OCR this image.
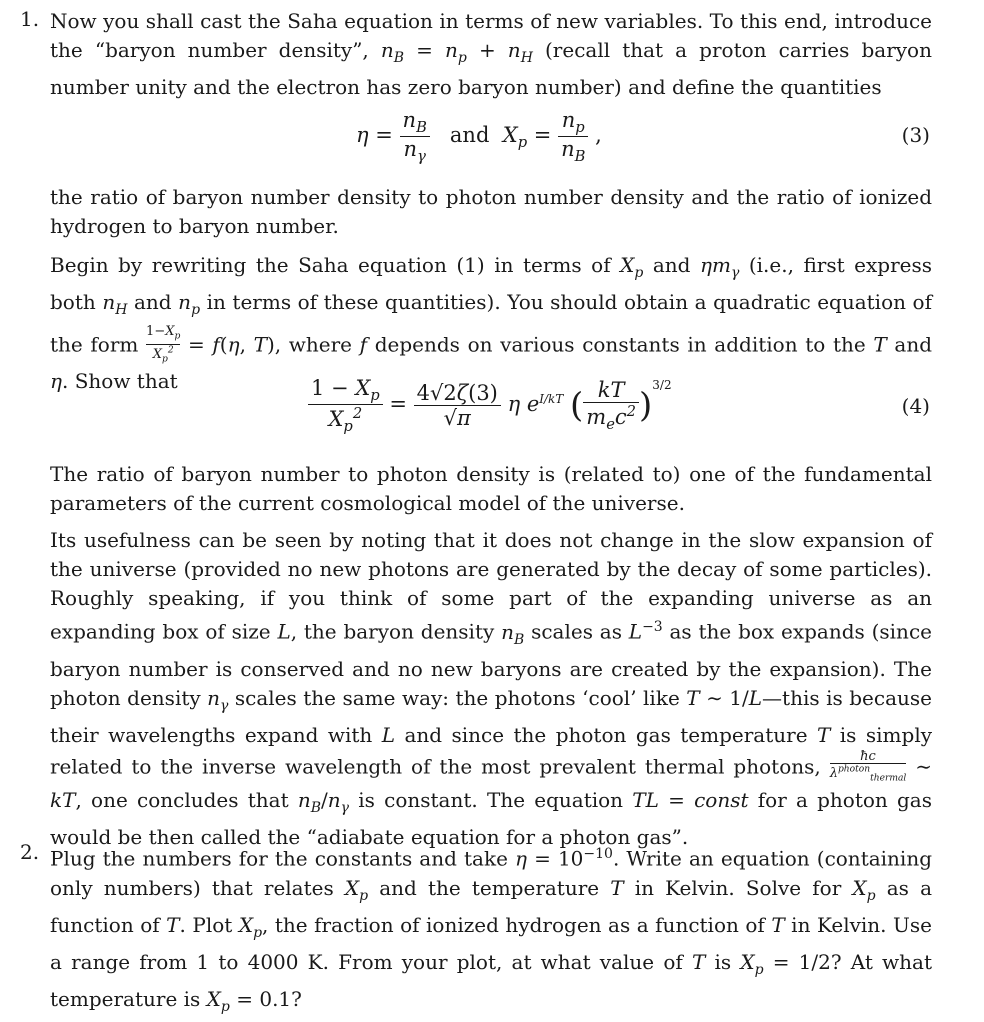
1. Now you shall cast the Saha equation in terms of new variables. To this end, introduce the “baryon number density”, $n_B = n_p + n_H$ (recall that a proton carries baryon number unity and the electron has zero baryon number) and define the quantities

$\eta = \frac{n_B}{n_\gamma}$ and $X_p = \frac{n_p}{n_B}$ ,	(3)

the ratio of baryon number density to photon number density and the ratio of ionized hydrogen to baryon number.

Begin by rewriting the Saha equation (1) in terms of $X_p$ and $\eta m_\gamma$ (i.e., first express both $n_H$ and $n_p$ in terms of these quantities). You should obtain a quadratic equation of the form $\frac{1-X_p}{X_p^2} = f(\eta$, T), where f depends on various constants in addition to the T and η. Show that	$\frac{1 - X_p}{X_p^2} = \frac{4√2\zeta(3)}{√\pi}$ η $e^{I/kT}$ ( $\frac{kT}{m_ec^2} )^{3/2}$
(4)

The ratio of baryon number to photon density is (related to) one of the fundamental parameters of the current cosmological model of the universe.

Its usefulness can be seen by noting that it does not change in the slow expansion of the universe (provided no new photons are generated by the decay of some particles). Roughly speaking, if you think of some part of the expanding universe as an expanding box of size L, the baryon density $n_B$ scales as $L^{-3}$ as the box expands (since baryon number is conserved and no new baryons are created by the expansion). The photon density $n_\gamma$ scales the same way: the photons ‘cool’ like T ∼ 1/L—this is because their wavelengths expand with L and since the photon gas temperature T is simply related to the inverse wavelength of the most prevalent thermal photons,	ħc
$\lambda^{photon}_{thermal}$ ∼ kT, one concludes that $n_B/n_\gamma$ is constant. The equation TL = const for a photon gas would be then called the “adiabate equation for a photon gas”.

2. Plug the numbers for the constants and take $\eta = 10^{-10}$. Write an equation (containing only numbers) that relates $X_p$ and the temperature T in Kelvin. Solve for $X_p$ as a function of T. Plot $X_p$, the fraction of ionized hydrogen as a function of T in Kelvin. Use a range from 1 to 4000 K. From your plot, at what value of T is $X_p = 1/2$? At what temperature is $X_p = 0.1$?
